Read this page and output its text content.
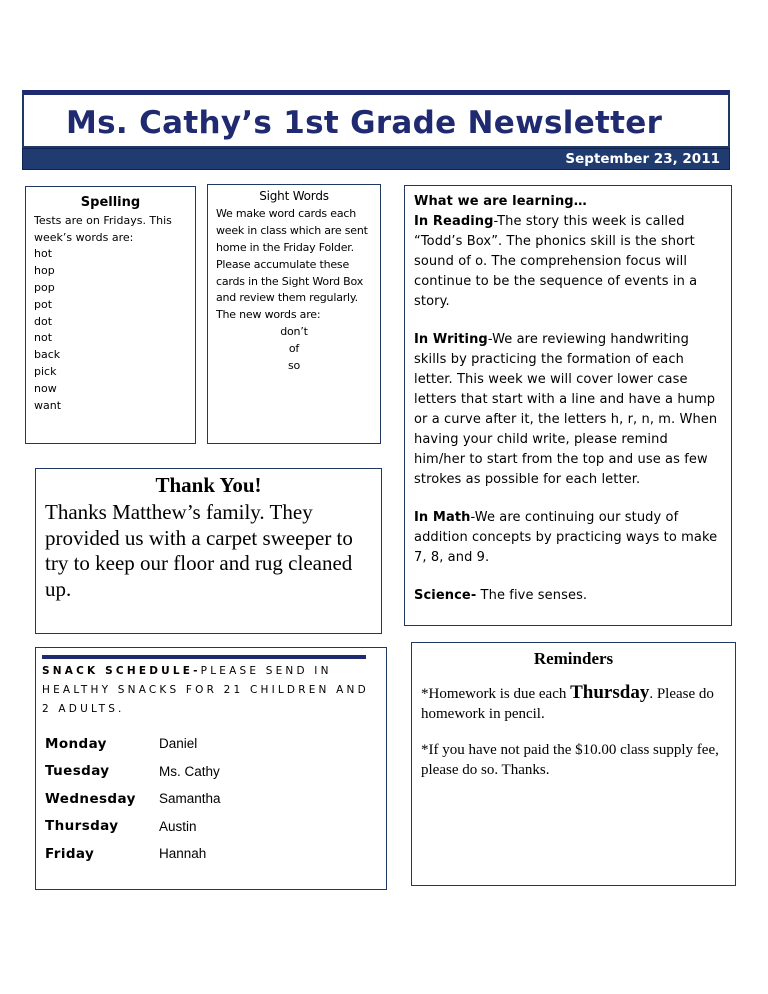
Ms. Cathy’s 1st Grade Newsletter
September 23, 2011
Spelling
Tests are on Fridays. This week’s words are:
hot
hop
pop
pot
dot
not
back
pick
now
want
Sight Words
We make word cards each week in class which are sent home in the Friday Folder. Please accumulate these cards in the Sight Word Box and review them regularly. The new words are:
don’t
of
so

What we are learning…

In Reading-The story this week is called “Todd’s Box”. The phonics skill is the short sound of o. The comprehension focus will continue to be the sequence of events in a story.

In Writing-We are reviewing handwriting skills by practicing the formation of each letter. This week we will cover lower case letters that start with a line and have a hump or a curve after it, the letters h, r, n, m. When having your child write, please remind him/her to start from the top and use as few strokes as possible for each letter.

In Math-We are continuing our study of addition concepts by practicing ways to make 7, 8, and 9.

Science- The five senses.

Thank You!
Thanks Matthew’s family. They provided us with a carpet sweeper to try to keep our floor and rug cleaned up.
SNACK SCHEDULE-PLEASE SEND IN HEALTHY SNACKS FOR 21 CHILDREN AND 2 ADULTS.
Monday	Daniel
Tuesday	Ms. Cathy
Wednesday	Samantha
Thursday	Austin
Friday	Hannah
Reminders

*Homework is due each Thursday. Please do homework in pencil.

*If you have not paid the $10.00 class supply fee, please do so. Thanks.
